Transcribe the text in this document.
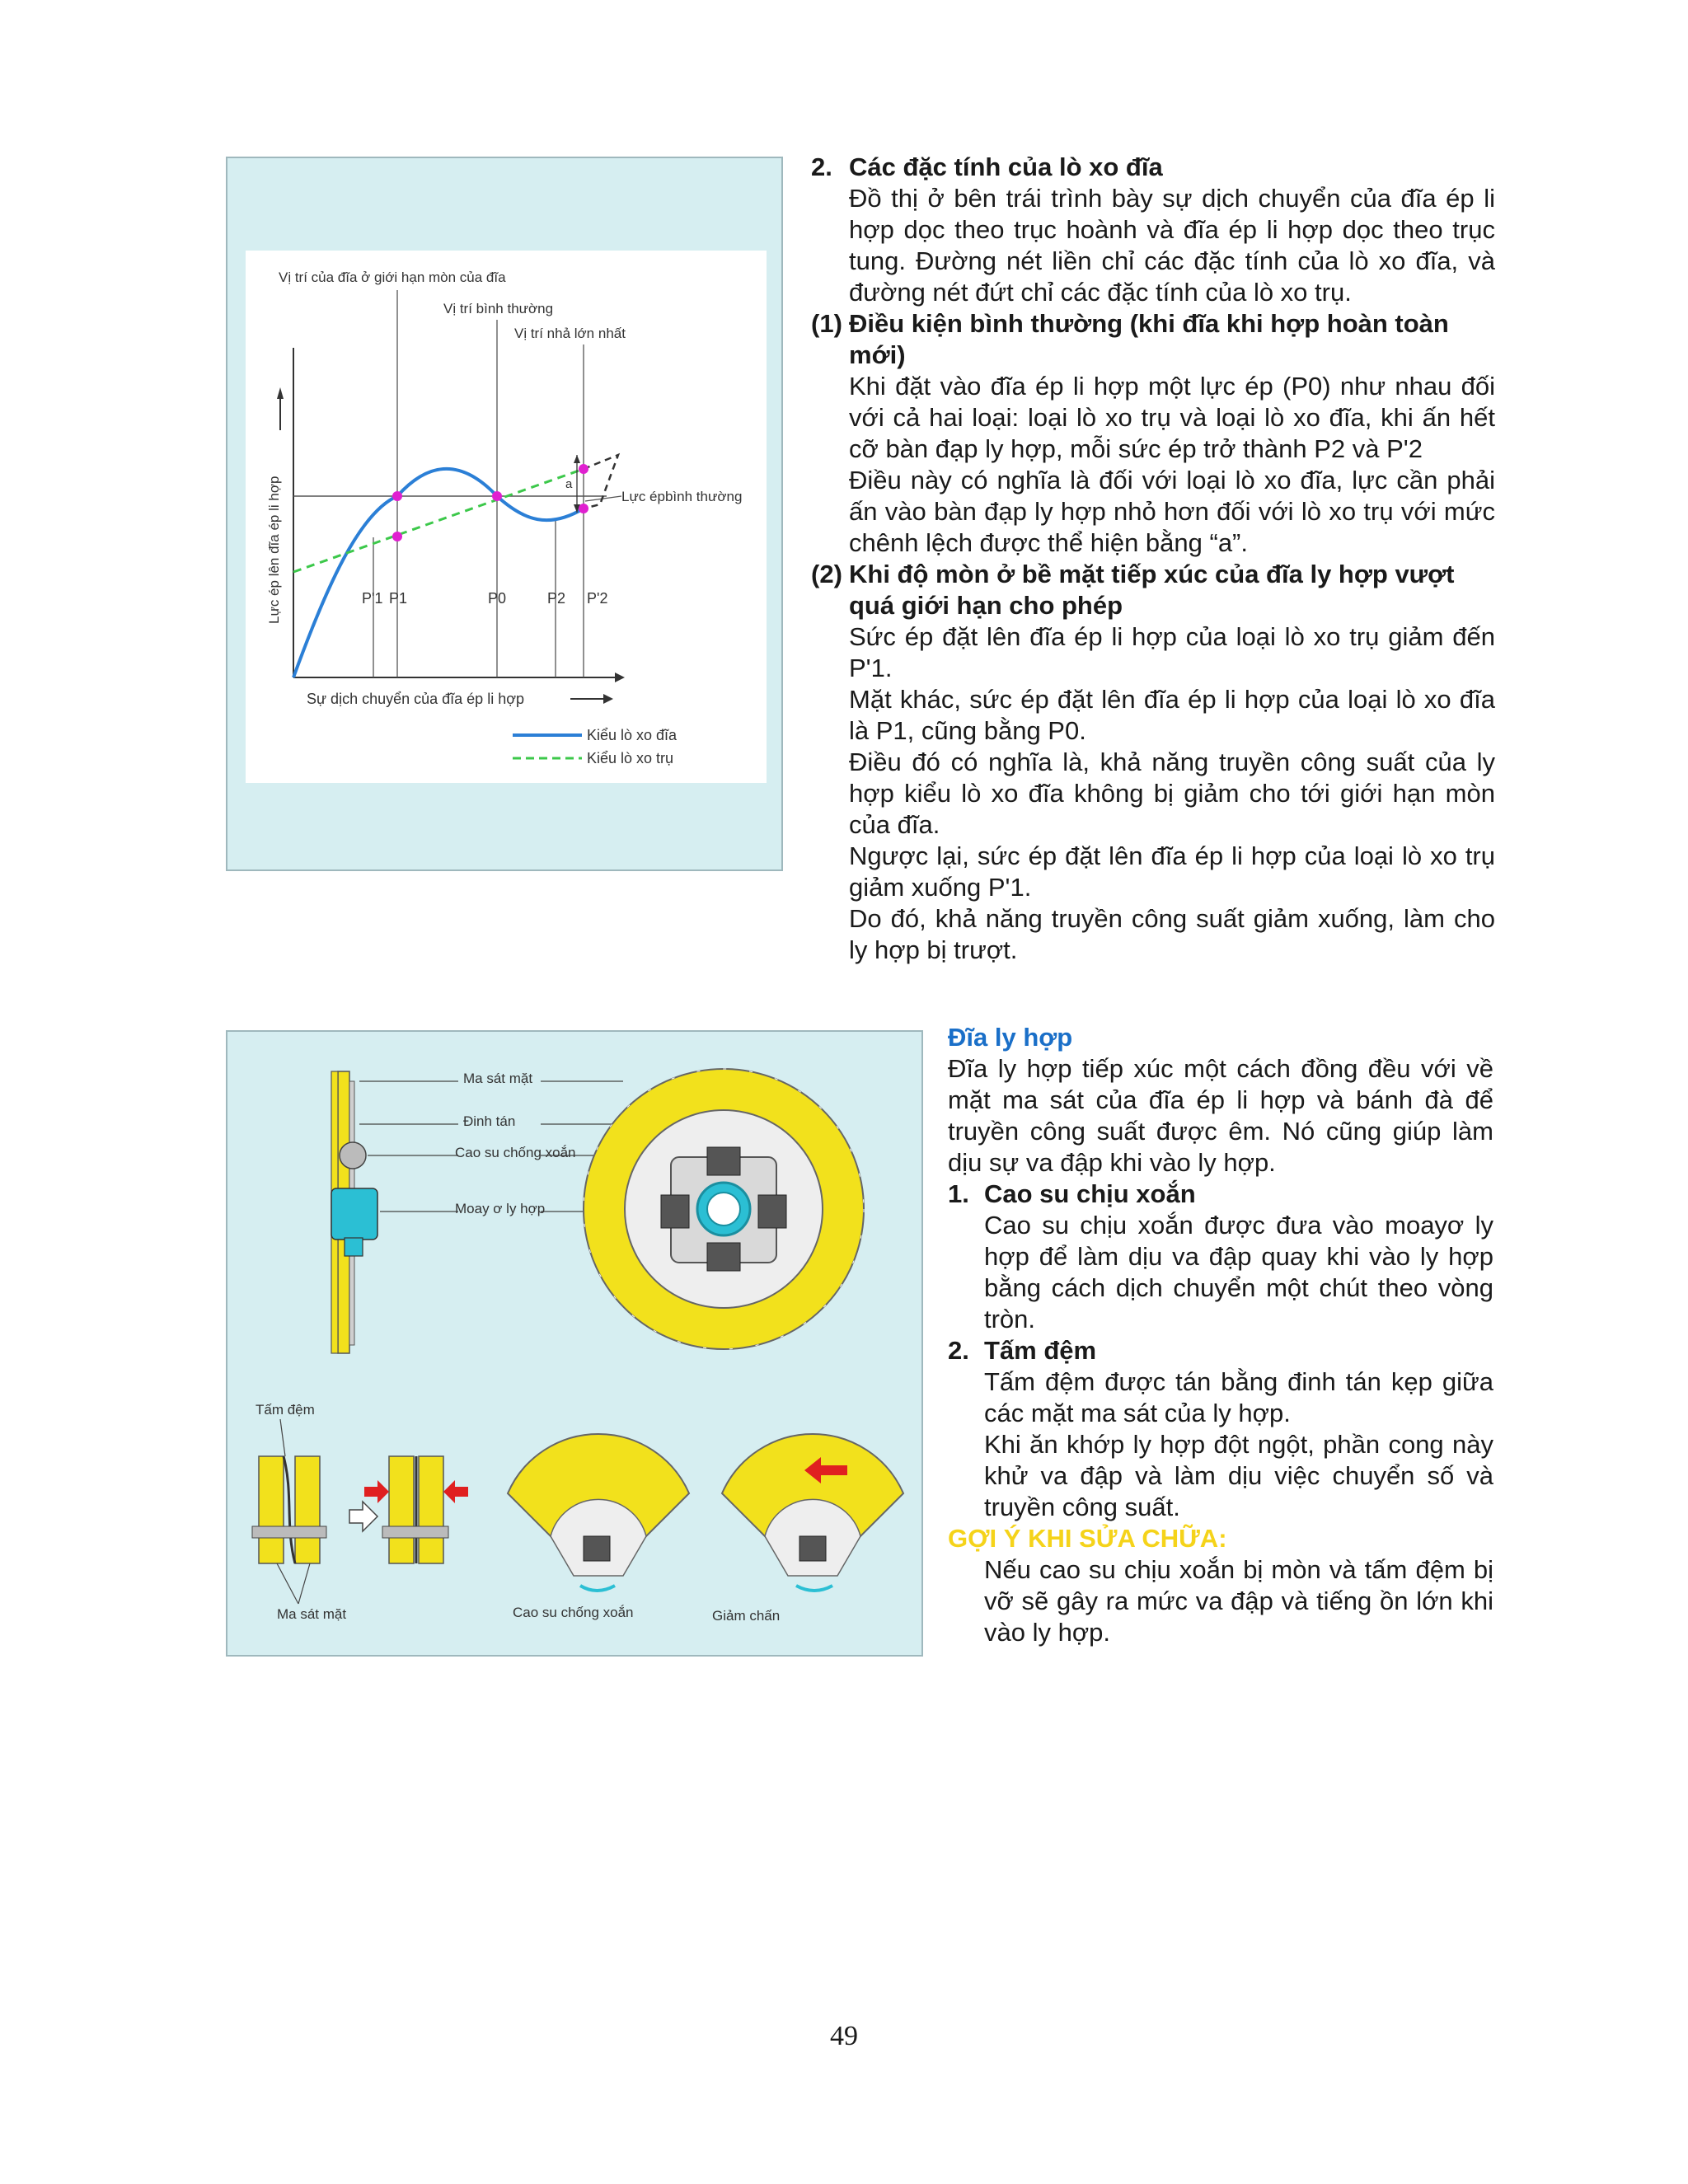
a
Vị trí của đĩa ở giới hạn mòn của đĩa
Vị trí bình thường
Vị trí nhả lớn nhất
Lực épbình thường
Lực ép lên đĩa ép li hợp	P'1 P1	P0	P2 P'2
Sự dịch chuyển của đĩa ép li hợp
Kiểu lò xo đĩa
Kiểu lò xo trụ
2. Các đặc tính của lò xo đĩa

Đồ thị ở bên trái trình bày sự dịch chuyển của đĩa ép li hợp dọc theo trục hoành và đĩa ép li hợp dọc theo trục tung. Đường nét liền chỉ các đặc tính của lò xo đĩa, và đường nét đứt chỉ các đặc tính của lò xo trụ.

(1) Điều kiện bình thường (khi đĩa khi hợp hoàn toàn mới)

Khi đặt vào đĩa ép li hợp một lực ép (P0) như nhau đối với cả hai loại: loại lò xo trụ và loại lò xo đĩa, khi ấn hết cỡ bàn đạp ly hợp, mỗi sức ép trở thành P2 và P'2

Điều này có nghĩa là đối với loại lò xo đĩa, lực cần phải ấn vào bàn đạp ly hợp nhỏ hơn đối với lò xo trụ với mức chênh lệch được thể hiện bằng “a”.

(2) Khi độ mòn ở bề mặt tiếp xúc của đĩa ly hợp vượt quá giới hạn cho phép

Sức ép đặt lên đĩa ép li hợp của loại lò xo trụ giảm đến P'1.

Mặt khác, sức ép đặt lên đĩa ép li hợp của loại lò xo đĩa là P1, cũng bằng P0.

Điều đó có nghĩa là, khả năng truyền công suất của ly hợp kiểu lò xo đĩa không bị giảm cho tới giới hạn mòn của đĩa.

Ngược lại, sức ép đặt lên đĩa ép li hợp của loại lò xo trụ giảm xuống P'1.

Do đó, khả năng truyền công suất giảm xuống, làm cho ly hợp bị trượt.

Ma sát mặt
Đinh tán
Cao su chống xoắn
Moay ơ ly hợp
Tấm đệm
Ma sát mặt	Cao su chống xoắn	Giảm chấn

Đĩa ly hợp

Đĩa ly hợp tiếp xúc một cách đồng đều với về mặt ma sát của đĩa ép li hợp và bánh đà để truyền công suất được êm. Nó cũng giúp làm dịu sự va đập khi vào ly hợp.

1. Cao su chịu xoắn

Cao su chịu xoắn được đưa vào moayơ ly hợp để làm dịu va đập quay khi vào ly hợp bằng cách dịch chuyển một chút theo vòng tròn.

2. Tấm đệm

Tấm đệm được tán bằng đinh tán kẹp giữa các mặt ma sát của ly hợp.

Khi ăn khớp ly hợp đột ngột, phần cong này khử va đập và làm dịu việc chuyển số và truyền công suất.

GỢI Ý KHI SỬA CHỮA:

Nếu cao su chịu xoắn bị mòn và tấm đệm bị vỡ sẽ gây ra mức va đập và tiếng ồn lớn khi vào ly hợp.

49
